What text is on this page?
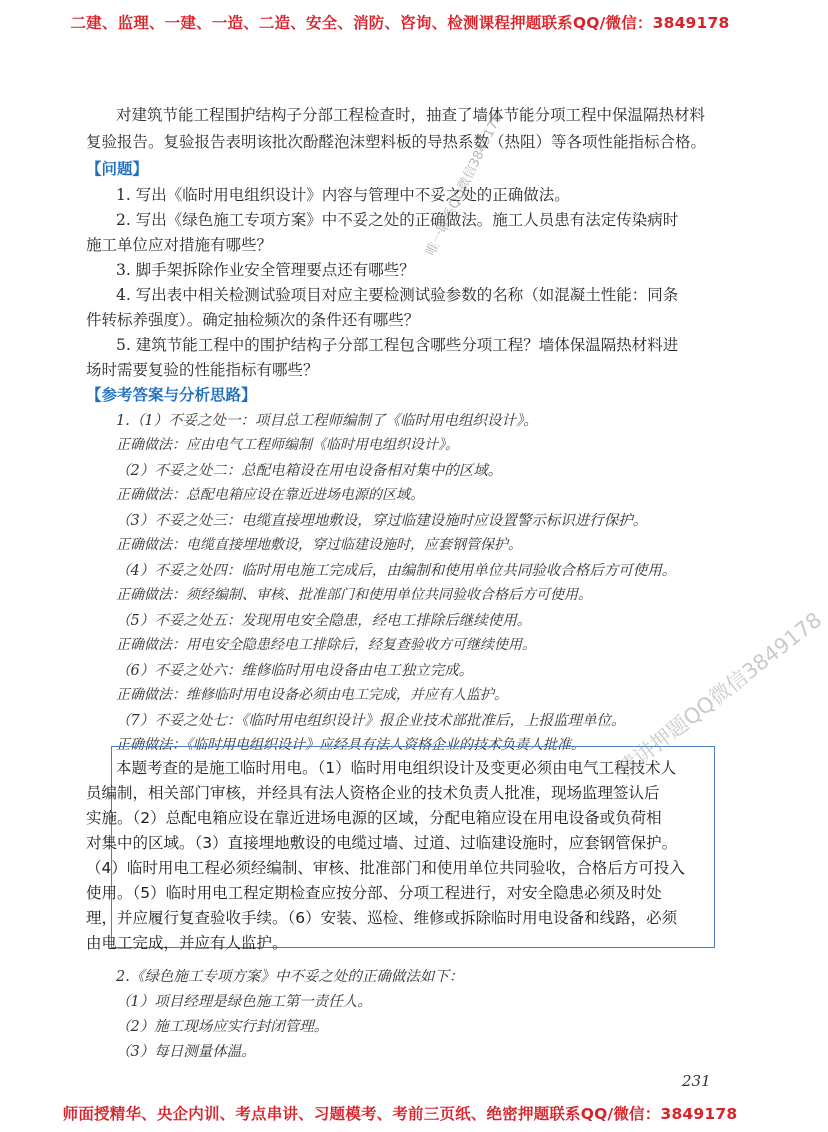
二建、监理、一建、一造、二造、安全、消防、咨询、检测课程押题联系QQ/微信：3849178
对建筑节能工程围护结构子分部工程检查时，抽查了墙体节能分项工程中保温隔热材料
复验报告。复验报告表明该批次酚醛泡沫塑料板的导热系数（热阻）等各项性能指标合格。
【问题】
1. 写出《临时用电组织设计》内容与管理中不妥之处的正确做法。
2. 写出《绿色施工专项方案》中不妥之处的正确做法。施工人员患有法定传染病时
施工单位应对措施有哪些？
3. 脚手架拆除作业安全管理要点还有哪些？
4. 写出表中相关检测试验项目对应主要检测试验参数的名称（如混凝土性能：同条
件转标养强度）。确定抽检频次的条件还有哪些？
5. 建筑节能工程中的围护结构子分部工程包含哪些分项工程？墙体保温隔热材料进
场时需要复验的性能指标有哪些？
【参考答案与分析思路】
1.（1）不妥之处一：项目总工程师编制了《临时用电组织设计》。
正确做法：应由电气工程师编制《临时用电组织设计》。
（2）不妥之处二：总配电箱设在用电设备相对集中的区域。
正确做法：总配电箱应设在靠近进场电源的区域。
（3）不妥之处三：电缆直接埋地敷设，穿过临建设施时应设置警示标识进行保护。
正确做法：电缆直接埋地敷设，穿过临建设施时，应套钢管保护。
（4）不妥之处四：临时用电施工完成后，由编制和使用单位共同验收合格后方可使用。
正确做法：须经编制、审核、批准部门和使用单位共同验收合格后方可使用。
（5）不妥之处五：发现用电安全隐患，经电工排除后继续使用。
正确做法：用电安全隐患经电工排除后，经复查验收方可继续使用。
（6）不妥之处六：维修临时用电设备由电工独立完成。
正确做法：维修临时用电设备必须由电工完成，并应有人监护。
（7）不妥之处七：《临时用电组织设计》报企业技术部批准后，上报监理单位。
正确做法：《临时用电组织设计》应经具有法人资格企业的技术负责人批准。
本题考查的是施工临时用电。（1）临时用电组织设计及变更必须由电气工程技术人
员编制，相关部门审核，并经具有法人资格企业的技术负责人批准，现场监理签认后
实施。（2）总配电箱应设在靠近进场电源的区域，分配电箱应设在用电设备或负荷相
对集中的区域。（3）直接埋地敷设的电缆过墙、过道、过临建设施时，应套钢管保护。
（4）临时用电工程必须经编制、审核、批准部门和使用单位共同验收，合格后方可投入
使用。（5）临时用电工程定期检查应按分部、分项工程进行，对安全隐患必须及时处
理，并应履行复查验收手续。（6）安装、巡检、维修或拆除临时用电设备和线路，必须
由电工完成，并应有人监护。
2.《绿色施工专项方案》中不妥之处的正确做法如下：
（1）项目经理是绿色施工第一责任人。
（2）施工现场应实行封闭管理。
（3）每日测量体温。
231
师面授精华、央企内训、考点串讲、习题模考、考前三页纸、绝密押题联系QQ/微信：3849178
唯一联系QQ微信3849178
精讲押题QQ微信3849178
